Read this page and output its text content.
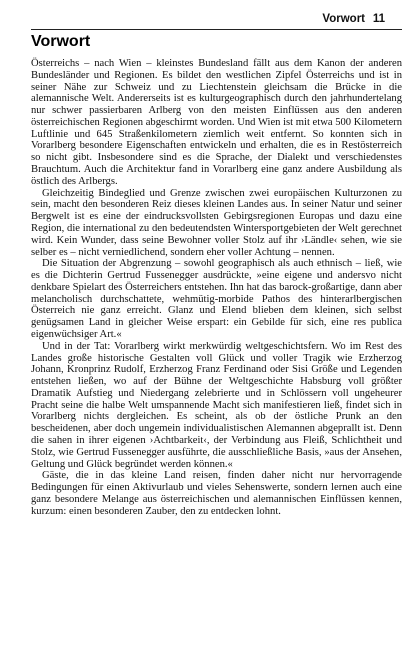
Vorwort 11
Vorwort

Österreichs – nach Wien – kleinstes Bundesland fällt aus dem Kanon der anderen Bundesländer und Regionen. Es bildet den westlichen Zipfel Österreichs und ist in seiner Nähe zur Schweiz und zu Liechtenstein gleichsam die Brücke in die alemannische Welt. Andererseits ist es kulturgeographisch durch den jahrhundertelang nur schwer passierbaren Arlberg von den meisten Einflüssen aus den anderen österreichischen Regionen abgeschirmt worden. Und Wien ist mit etwa 500 Kilometern Luftlinie und 645 Straßenkilometern ziemlich weit entfernt. So konnten sich in Vorarlberg besondere Eigenschaften entwickeln und erhalten, die es in Restösterreich so nicht gibt. Insbesondere sind es die Sprache, der Dialekt und verschiedenstes Brauchtum. Auch die Architektur fand in Vorarlberg eine ganz andere Ausbildung als östlich des Arlbergs.

Gleichzeitig Bindeglied und Grenze zwischen zwei europäischen Kulturzonen zu sein, macht den besonderen Reiz dieses kleinen Landes aus. In seiner Natur und seiner Bergwelt ist es eine der eindrucksvollsten Gebirgsregionen Europas und dazu eine Region, die international zu den bedeutendsten Wintersportgebieten der Welt gerechnet wird. Kein Wunder, dass seine Bewohner voller Stolz auf ihr ›Ländle‹ sehen, wie sie selber es – nicht verniedlichend, sondern eher voller Achtung – nennen.

Die Situation der Abgrenzung – sowohl geographisch als auch ethnisch – ließ, wie es die Dichterin Gertrud Fussenegger ausdrückte, »eine eigene und andersvo nicht denkbare Spielart des Österreichers entstehen. Ihn hat das barock-großartige, dann aber melancholisch durchschattete, wehmütig-morbide Pathos des hinterarlbergischen Österreich nie ganz erreicht. Glanz und Elend blieben dem kleinen, sich selbst genügsamen Land in gleicher Weise erspart: ein Gebilde für sich, eine res publica eigenwüchsiger Art.«

Und in der Tat: Vorarlberg wirkt merkwürdig weltgeschichtsfern. Wo im Rest des Landes große historische Gestalten voll Glück und voller Tragik wie Erzherzog Johann, Kronprinz Rudolf, Erzherzog Franz Ferdinand oder Sisi Größe und Legenden entstehen ließen, wo auf der Bühne der Weltgeschichte Habsburg voll größter Dramatik Aufstieg und Niedergang zelebrierte und in Schlössern voll ungeheurer Pracht seine die halbe Welt umspannende Macht sich manifestieren ließ, findet sich in Vorarlberg nichts dergleichen. Es scheint, als ob der östliche Prunk an den bescheidenen, aber doch ungemein individualistischen Alemannen abgeprallt ist. Denn die sahen in ihrer eigenen ›Achtbarkeit‹, der Verbindung aus Fleiß, Schlichtheit und Stolz, wie Gertrud Fussenegger ausführte, die ausschließliche Basis, »aus der Ansehen, Geltung und Glück begründet werden können.«

Gäste, die in das kleine Land reisen, finden daher nicht nur hervorragende Bedingungen für einen Aktivurlaub und vieles Sehenswerte, sondern lernen auch eine ganz besondere Melange aus österreichischen und alemannischen Einflüssen kennen, kurzum: einen besonderen Zauber, den zu entdecken lohnt.
